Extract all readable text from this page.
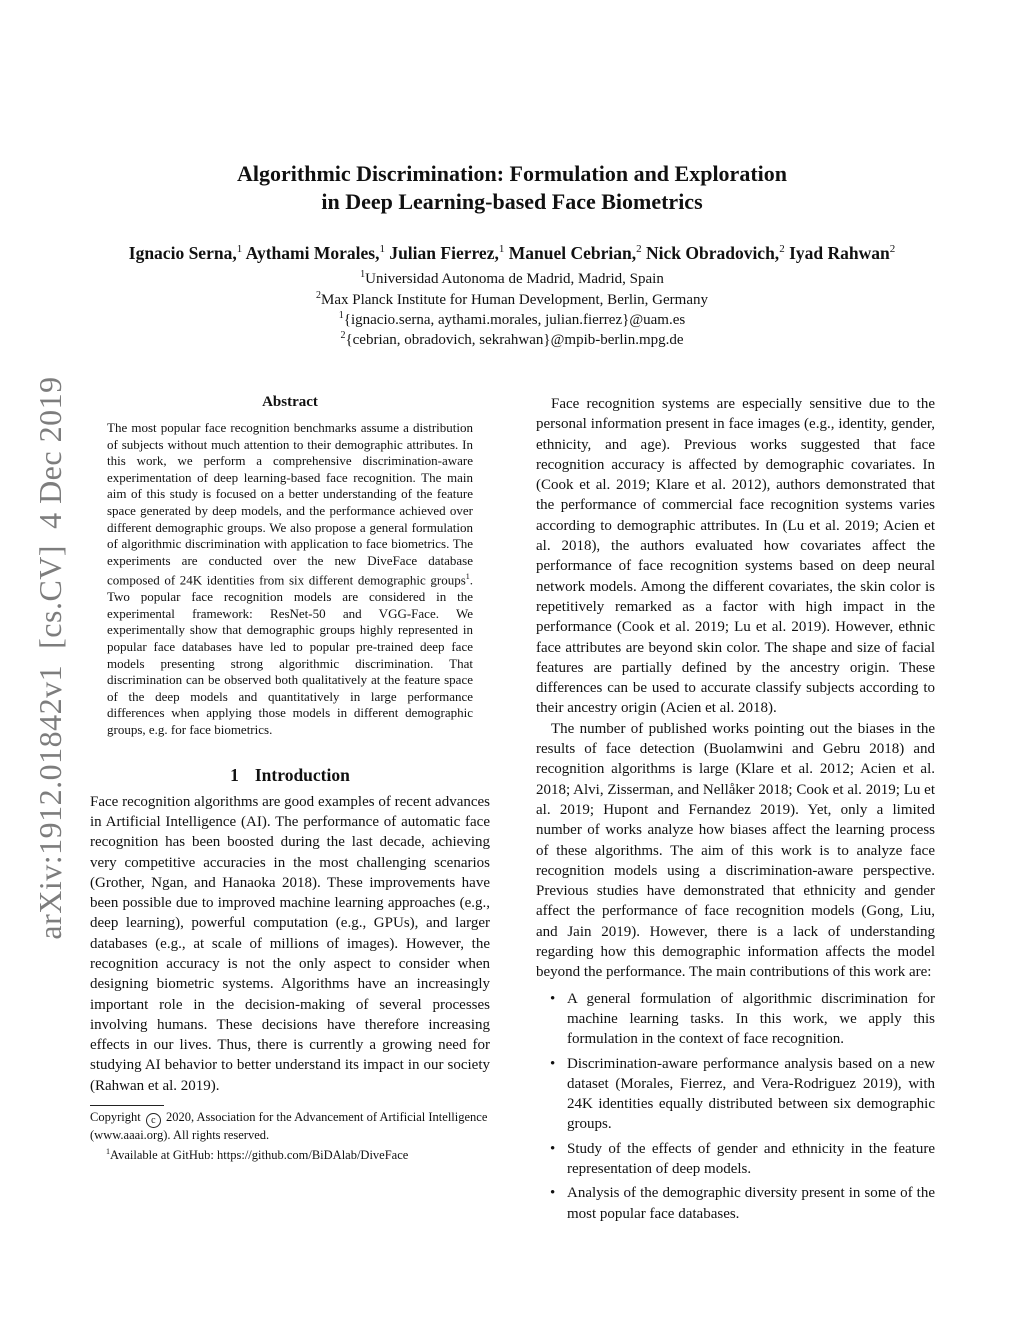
arXiv:1912.01842v1[cs.CV]4 Dec 2019
Algorithmic Discrimination: Formulation and Exploration
in Deep Learning-based Face Biometrics
Ignacio Serna,$^1$ Aythami Morales,$^1$ Julian Fierrez,$^1$ Manuel Cebrian,$^2$ Nick Obradovich,$^2$ Iyad Rahwan$^2$
$^1$Universidad Autonoma de Madrid, Madrid, Spain
$^2$Max Planck Institute for Human Development, Berlin, Germany
$^1${ignacio.serna, aythami.morales, julian.fierrez}@uam.es
$^2${cebrian, obradovich, sekrahwan}@mpib-berlin.mpg.de
Abstract

The most popular face recognition benchmarks assume a distribution of subjects without much attention to their demographic attributes. In this work, we perform a comprehensive discrimination-aware experimentation of deep learning-based face recognition. The main aim of this study is focused on a better understanding of the feature space generated by deep models, and the performance achieved over different demographic groups. We also propose a general formulation of algorithmic discrimination with application to face biometrics. The experiments are conducted over the new DiveFace database composed of 24K identities from six different demographic groups$^1$. Two popular face recognition models are considered in the experimental framework: ResNet-50 and VGG-Face. We experimentally show that demographic groups highly represented in popular face databases have led to popular pre-trained deep face models presenting strong algorithmic discrimination. That discrimination can be observed both qualitatively at the feature space of the deep models and quantitatively in large performance differences when applying those models in different demographic groups, e.g. for face biometrics.

1 Introduction

Face recognition algorithms are good examples of recent advances in Artificial Intelligence (AI). The performance of automatic face recognition has been boosted during the last decade, achieving very competitive accuracies in the most challenging scenarios (Grother, Ngan, and Hanaoka 2018). These improvements have been possible due to improved machine learning approaches (e.g., deep learning), powerful computation (e.g., GPUs), and larger databases (e.g., at scale of millions of images). However, the recognition accuracy is not the only aspect to consider when designing biometric systems. Algorithms have an increasingly important role in the decision-making of several processes involving humans. These decisions have therefore increasing effects in our lives. Thus, there is currently a growing need for studying AI behavior to better understand its impact in our society (Rahwan et al. 2019).

Copyright c 2020, Association for the Advancement of Artificial Intelligence (www.aaai.org). All rights reserved.

$^1$Available at GitHub: https://github.com/BiDAlab/DiveFace

Face recognition systems are especially sensitive due to the personal information present in face images (e.g., identity, gender, ethnicity, and age). Previous works suggested that face recognition accuracy is affected by demographic covariates. In (Cook et al. 2019; Klare et al. 2012), authors demonstrated that the performance of commercial face recognition systems varies according to demographic attributes. In (Lu et al. 2019; Acien et al. 2018), the authors evaluated how covariates affect the performance of face recognition systems based on deep neural network models. Among the different covariates, the skin color is repetitively remarked as a factor with high impact in the performance (Cook et al. 2019; Lu et al. 2019). However, ethnic face attributes are beyond skin color. The shape and size of facial features are partially defined by the ancestry origin. These differences can be used to accurate classify subjects according to their ancestry origin (Acien et al. 2018).

The number of published works pointing out the biases in the results of face detection (Buolamwini and Gebru 2018) and recognition algorithms is large (Klare et al. 2012; Acien et al. 2018; Alvi, Zisserman, and Nellåker 2018; Cook et al. 2019; Lu et al. 2019; Hupont and Fernandez 2019). Yet, only a limited number of works analyze how biases affect the learning process of these algorithms. The aim of this work is to analyze face recognition models using a discrimination-aware perspective. Previous studies have demonstrated that ethnicity and gender affect the performance of face recognition models (Gong, Liu, and Jain 2019). However, there is a lack of understanding regarding how this demographic information affects the model beyond the performance. The main contributions of this work are:

• A general formulation of algorithmic discrimination for machine learning tasks. In this work, we apply this formulation in the context of face recognition.
• Discrimination-aware performance analysis based on a new dataset (Morales, Fierrez, and Vera-Rodriguez 2019), with 24K identities equally distributed between six demographic groups.
• Study of the effects of gender and ethnicity in the feature representation of deep models.
• Analysis of the demographic diversity present in some of the most popular face databases.
